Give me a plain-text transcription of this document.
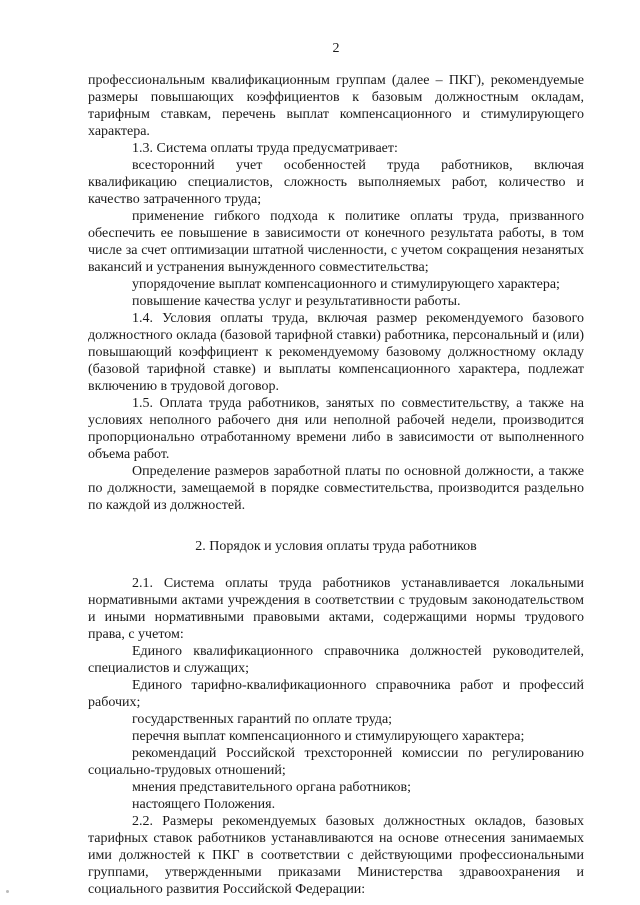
2

профессиональным квалификационным группам (далее – ПКГ), рекомендуемые размеры повышающих коэффициентов к базовым должностным окладам, тарифным ставкам, перечень выплат компенсационного и стимулирующего характера.

1.3. Система оплаты труда предусматривает:

всесторонний учет особенностей труда работников, включая квалификацию специалистов, сложность выполняемых работ, количество и качество затраченного труда;

применение гибкого подхода к политике оплаты труда, призванного обеспечить ее повышение в зависимости от конечного результата работы, в том числе за счет оптимизации штатной численности, с учетом сокращения незанятых вакансий и устранения вынужденного совместительства;

упорядочение выплат компенсационного и стимулирующего характера;

повышение качества услуг и результативности работы.

1.4. Условия оплаты труда, включая размер рекомендуемого базового должностного оклада (базовой тарифной ставки) работника, персональный и (или) повышающий коэффициент к рекомендуемому базовому должностному окладу (базовой тарифной ставке) и выплаты компенсационного характера, подлежат включению в трудовой договор.

1.5. Оплата труда работников, занятых по совместительству, а также на условиях неполного рабочего дня или неполной рабочей недели, производится пропорционально отработанному времени либо в зависимости от выполненного объема работ.

Определение размеров заработной платы по основной должности, а также по должности, замещаемой в порядке совместительства, производится раздельно по каждой из должностей.

2. Порядок и условия оплаты труда работников

2.1. Система оплаты труда работников устанавливается локальными нормативными актами учреждения в соответствии с трудовым законодательством и иными нормативными правовыми актами, содержащими нормы трудового права, с учетом:

Единого квалификационного справочника должностей руководителей, специалистов и служащих;

Единого тарифно-квалификационного справочника работ и профессий рабочих;

государственных гарантий по оплате труда;

перечня выплат компенсационного и стимулирующего характера;

рекомендаций Российской трехсторонней комиссии по регулированию социально-трудовых отношений;

мнения представительного органа работников;

настоящего Положения.

2.2. Размеры рекомендуемых базовых должностных окладов, базовых тарифных ставок работников устанавливаются на основе отнесения занимаемых ими должностей к ПКГ в соответствии с действующими профессиональными группами, утвержденными приказами Министерства здравоохранения и социального развития Российской Федерации:
